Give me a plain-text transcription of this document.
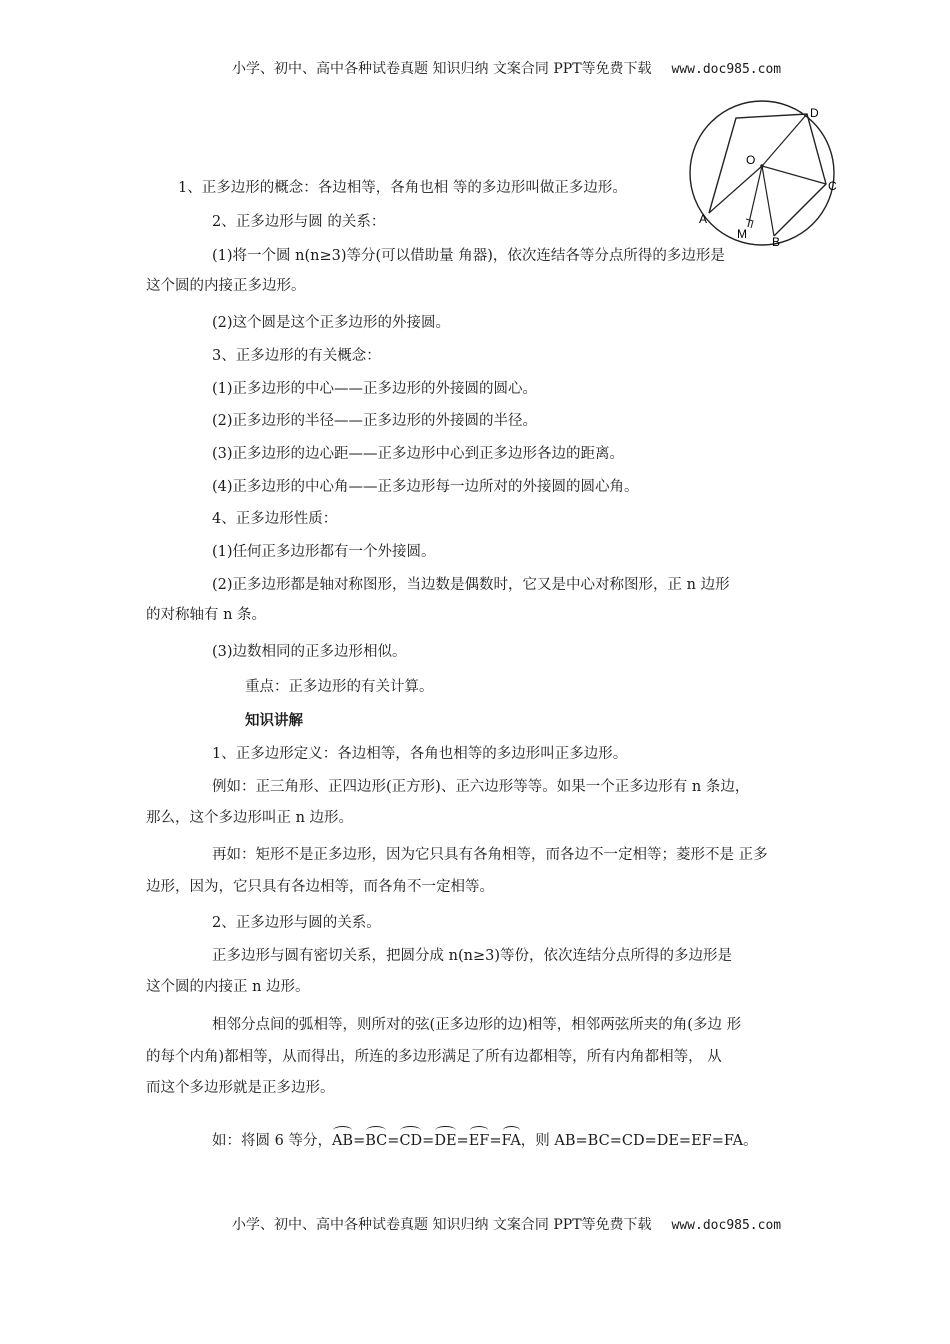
小学、初中、高中各种试卷真题 知识归纳 文案合同 PPT等免费下载 www.doc985.com
D
O
C
A
M
B
1、正多边形的概念：各边相等，各角也相 等的多边形叫做正多边形。
2、正多边形与圆 的关系：
(1)将一个圆 n(n≥3)等分(可以借助量 角器)，依次连结各等分点所得的多边形是
这个圆的内接正多边形。
(2)这个圆是这个正多边形的外接圆。
3、正多边形的有关概念：
(1)正多边形的中心——正多边形的外接圆的圆心。
(2)正多边形的半径——正多边形的外接圆的半径。
(3)正多边形的边心距——正多边形中心到正多边形各边的距离。
(4)正多边形的中心角——正多边形每一边所对的外接圆的圆心角。
4、正多边形性质：
(1)任何正多边形都有一个外接圆。
(2)正多边形都是轴对称图形，当边数是偶数时，它又是中心对称图形，正 n 边形
的对称轴有 n 条。
(3)边数相同的正多边形相似。
重点：正多边形的有关计算。
知识讲解
1、正多边形定义：各边相等，各角也相等的多边形叫正多边形。
例如：正三角形、正四边形(正方形)、正六边形等等。如果一个正多边形有 n 条边，
那么，这个多边形叫正 n 边形。
再如：矩形不是正多边形，因为它只具有各角相等，而各边不一定相等；菱形不是 正多
边形，因为，它只具有各边相等，而各角不一定相等。
2、正多边形与圆的关系。
正多边形与圆有密切关系，把圆分成 n(n≥3)等份，依次连结分点所得的多边形是
这个圆的内接正 n 边形。
相邻分点间的弧相等，则所对的弦(正多边形的边)相等，相邻两弦所夹的角(多边 形
的每个内角)都相等，从而得出，所连的多边形满足了所有边都相等，所有内角都相等， 从
而这个多边形就是正多边形。
如：将圆 6 等分，AB=BC=CD=DE=EF=FA，则 AB=BC=CD=DE=EF=FA。
小学、初中、高中各种试卷真题 知识归纳 文案合同 PPT等免费下载 www.doc985.com
